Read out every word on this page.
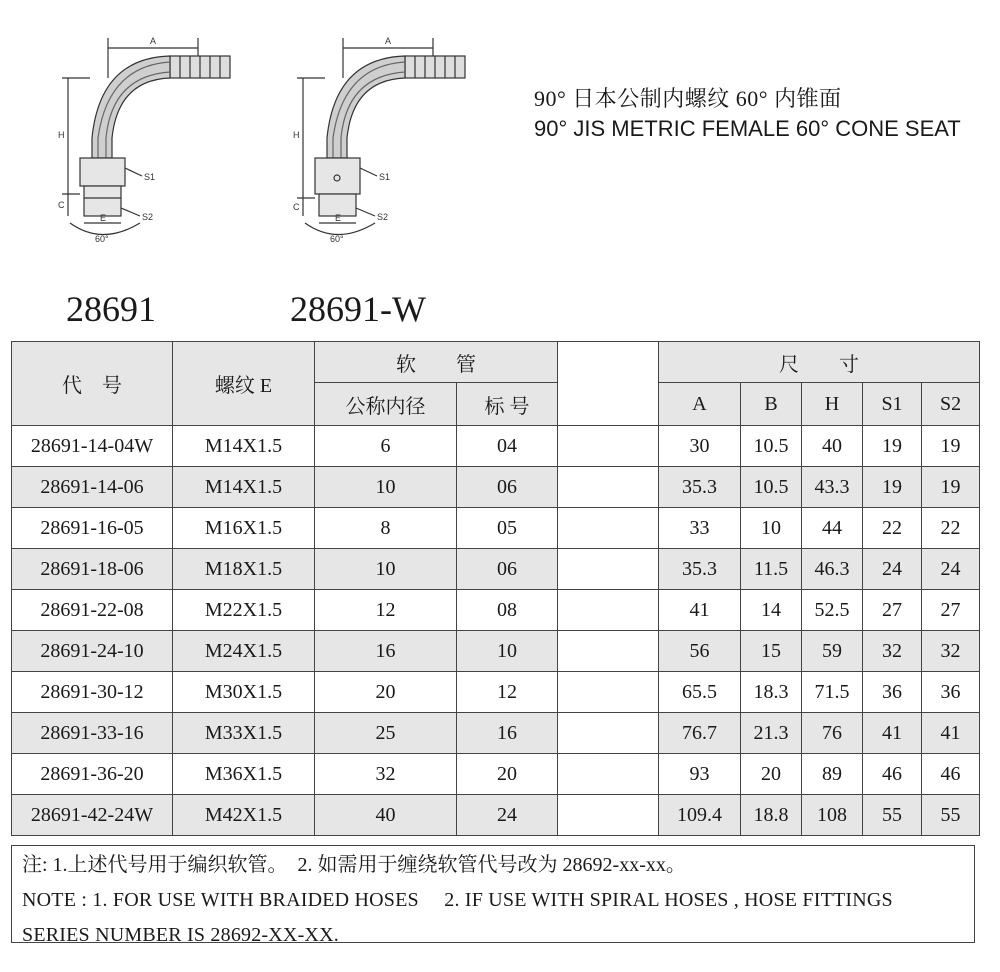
A
H
C
S1
S2
E
60°
A
H
C
S1
S2
E
60°
90° 日本公制内螺纹 60° 内锥面
90° JIS METRIC FEMALE 60° CONE SEAT
28691	28691-W
代　号	螺纹 E	软　　管			尺　　寸				
		公称内径	标 号		A	B	H	S1	S2
28691-14-04W	M14X1.5	6	04		30	10.5	40	19	19
28691-14-06	M14X1.5	10	06		35.3	10.5	43.3	19	19
28691-16-05	M16X1.5	8	05		33	10	44	22	22
28691-18-06	M18X1.5	10	06		35.3	11.5	46.3	24	24
28691-22-08	M22X1.5	12	08		41	14	52.5	27	27
28691-24-10	M24X1.5	16	10		56	15	59	32	32
28691-30-12	M30X1.5	20	12		65.5	18.3	71.5	36	36
28691-33-16	M33X1.5	25	16		76.7	21.3	76	41	41
28691-36-20	M36X1.5	32	20		93	20	89	46	46
28691-42-24W	M42X1.5	40	24		109.4	18.8	108	55	55
注: 1.上述代号用于编织软管。　2. 如需用于缠绕软管代号改为 28692-xx-xx。
NOTE : 1. FOR USE WITH BRAIDED HOSES　 2. IF USE WITH SPIRAL HOSES , HOSE FITTINGS
SERIES NUMBER IS 28692-XX-XX.
